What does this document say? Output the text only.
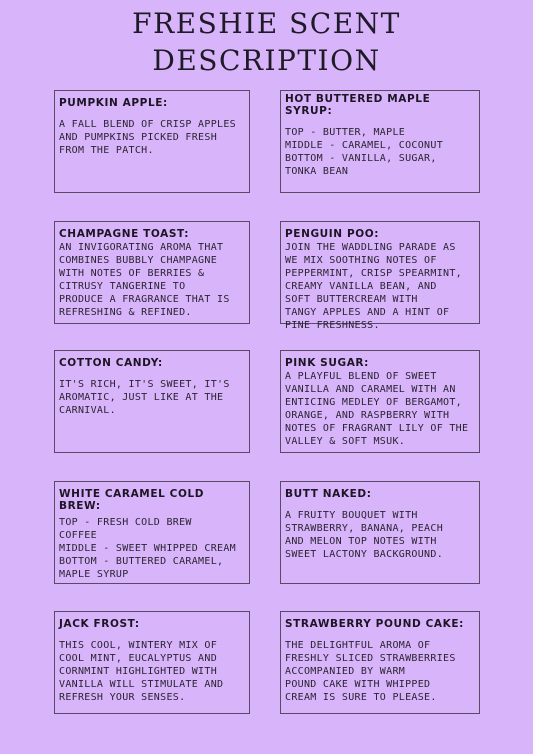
FRESHIE SCENT
DESCRIPTION
PUMPKIN APPLE:
A FALL BLEND OF CRISP APPLES
AND PUMPKINS PICKED FRESH
FROM THE PATCH.
HOT BUTTERED MAPLE
SYRUP:
TOP - BUTTER, MAPLE
MIDDLE - CARAMEL, COCONUT
BOTTOM - VANILLA, SUGAR,
TONKA BEAN
CHAMPAGNE TOAST:
AN INVIGORATING AROMA THAT
COMBINES BUBBLY CHAMPAGNE
WITH NOTES OF BERRIES &
CITRUSY TANGERINE TO
PRODUCE A FRAGRANCE THAT IS
REFRESHING & REFINED.
PENGUIN POO:
JOIN THE WADDLING PARADE AS
WE MIX SOOTHING NOTES OF
PEPPERMINT, CRISP SPEARMINT,
CREAMY VANILLA BEAN, AND
SOFT BUTTERCREAM WITH
TANGY APPLES AND A HINT OF
PINE FRESHNESS.
COTTON CANDY:
IT'S RICH, IT'S SWEET, IT'S
AROMATIC, JUST LIKE AT THE
CARNIVAL.
PINK SUGAR:
A PLAYFUL BLEND OF SWEET
VANILLA AND CARAMEL WITH AN
ENTICING MEDLEY OF BERGAMOT,
ORANGE, AND RASPBERRY WITH
NOTES OF FRAGRANT LILY OF THE
VALLEY & SOFT MSUK.
WHITE CARAMEL COLD BREW:
TOP - FRESH COLD BREW
COFFEE
MIDDLE - SWEET WHIPPED CREAM
BOTTOM - BUTTERED CARAMEL,
MAPLE SYRUP
BUTT NAKED:
A FRUITY BOUQUET WITH
STRAWBERRY, BANANA, PEACH
AND MELON TOP NOTES WITH
SWEET LACTONY BACKGROUND.
JACK FROST:
THIS COOL, WINTERY MIX OF
COOL MINT, EUCALYPTUS AND
CORNMINT HIGHLIGHTED WITH
VANILLA WILL STIMULATE AND
REFRESH YOUR SENSES.
STRAWBERRY POUND CAKE:
THE DELIGHTFUL AROMA OF
FRESHLY SLICED STRAWBERRIES
ACCOMPANIED BY WARM
POUND CAKE WITH WHIPPED
CREAM IS SURE TO PLEASE.
